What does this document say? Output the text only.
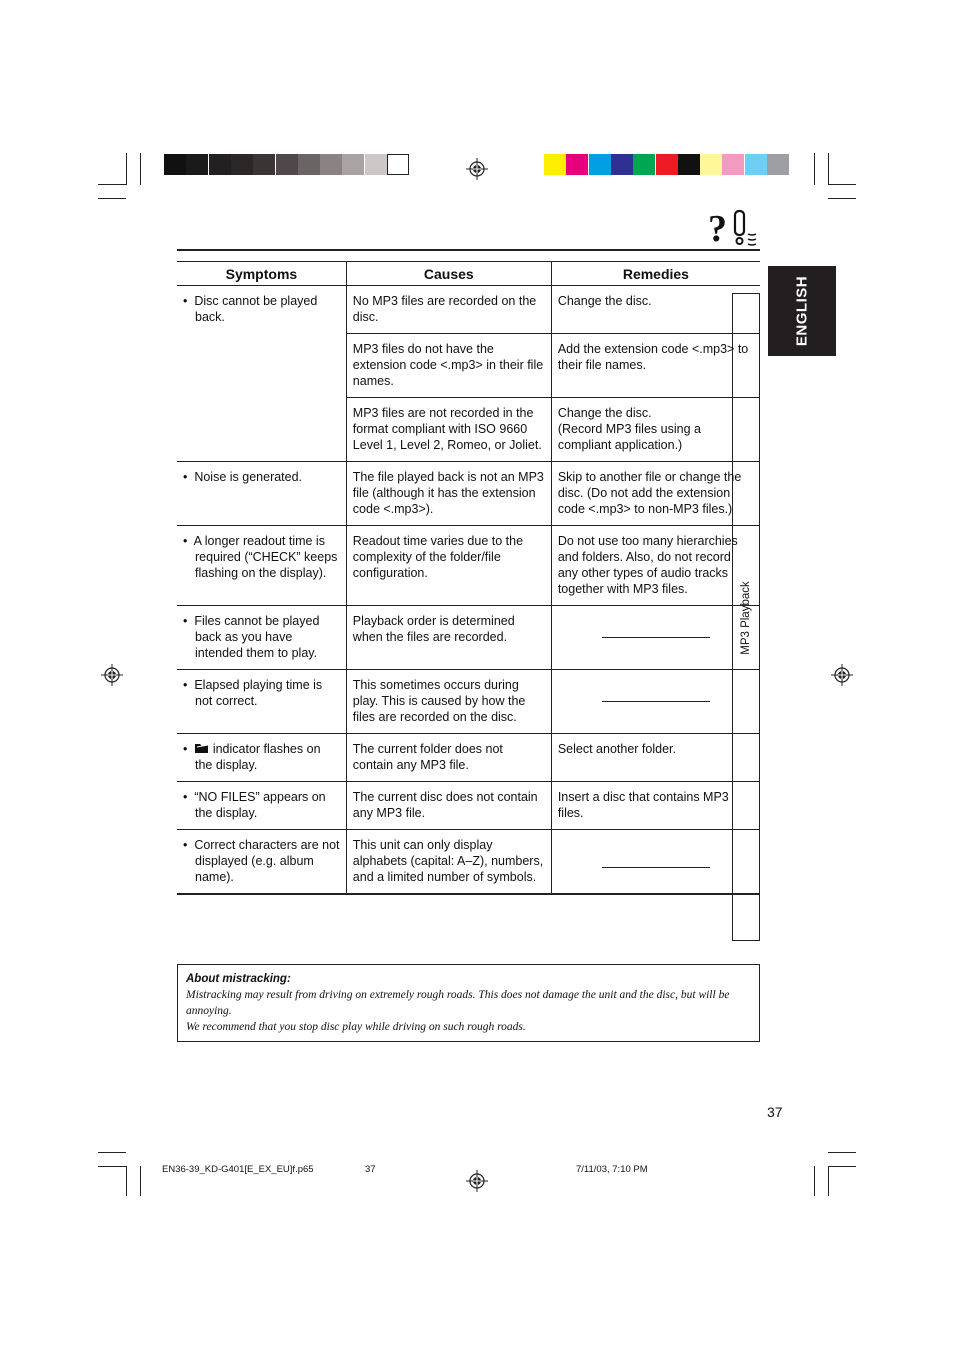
?
ENGLISH
MP3 Playback
Symptoms	Causes	Remedies

•  Disc cannot be played back.	No MP3 files are recorded on the disc.	Change the disc.
	MP3 files do not have the extension code <.mp3> in their file names.	Add the extension code <.mp3> to their file names.
	MP3 files are not recorded in the format compliant with ISO 9660 Level 1, Level 2, Romeo, or Joliet.	Change the disc.
(Record MP3 files using a compliant application.)

•  Noise is generated.	The file played back is not an MP3 file (although it has the extension code <.mp3>).	Skip to another file or change the disc. (Do not add the extension code <.mp3> to non-MP3 files.)

•  A longer readout time is required (“CHECK” keeps flashing on the display).	Readout time varies due to the complexity of the folder/file configuration.	Do not use too many hierarchies and folders. Also, do not record any other types of audio tracks together with MP3 files.

•  Files cannot be played back as you have intended them to play.	Playback order is determined when the files are recorded.	

•  Elapsed playing time is not correct.	This sometimes occurs during play. This is caused by how the files are recorded on the disc.	

•   indicator flashes on the display.	The current folder does not contain any MP3 file.	Select another folder.

•  “NO FILES” appears on the display.	The current disc does not contain any MP3 file.	Insert a disc that contains MP3 files.

•  Correct characters are not displayed (e.g. album name).	This unit can only display alphabets (capital: A–Z), numbers, and a limited number of symbols.	
About mistracking:
Mistracking may result from driving on extremely rough roads. This does not damage the unit and the disc, but will be annoying.
We recommend that you stop disc play while driving on such rough roads.
37
EN36-39_KD-G401[E_EX_EU]f.p65	37	7/11/03, 7:10 PM
